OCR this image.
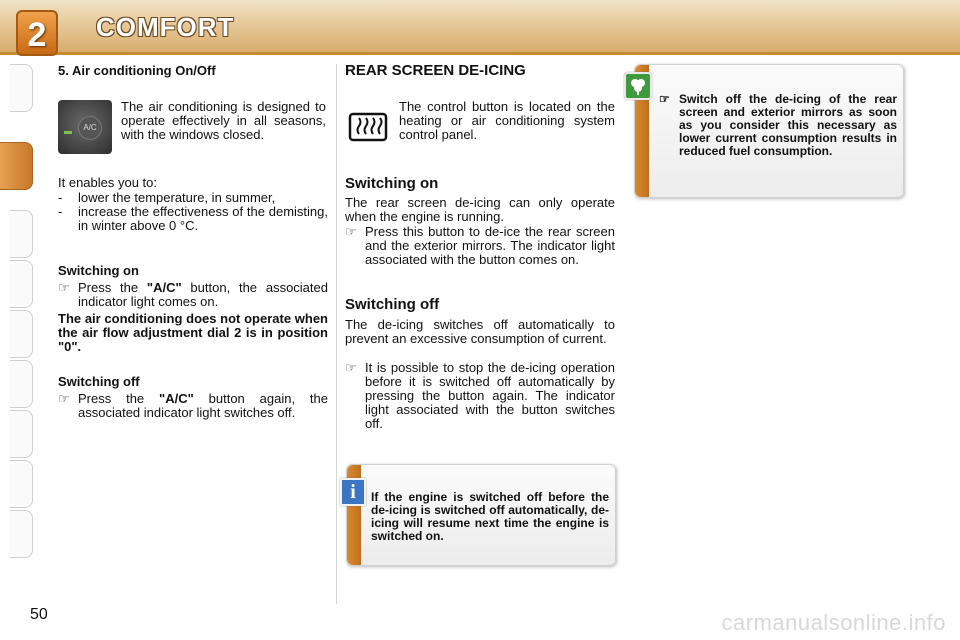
2	COMFORT
5. Air conditioning On/Off
A/C
The air conditioning is designed to operate effectively in all seasons, with the windows closed.
It enables you to:
-	lower the temperature, in summer,
-	increase the effectiveness of the demisting, in winter above 0 °C.
Switching on
☞ Press the "A/C" button, the associated indicator light comes on.
The air conditioning does not operate when the air flow adjustment dial 2 is in position "0".
Switching off
☞ Press the "A/C" button again, the associated indicator light switches off.
REAR SCREEN DE-ICING
The control button is located on the heating or air conditioning system control panel.
Switching on
The rear screen de-icing can only operate when the engine is running.
☞ Press this button to de-ice the rear screen and the exterior mirrors. The indicator light associated with the button comes on.
Switching off
The de-icing switches off automatically to prevent an excessive consumption of current.
☞ It is possible to stop the de-icing operation before it is switched off automatically by pressing the button again. The indicator light associated with the button switches off.
☞ Switch off the de-icing of the rear screen and exterior mirrors as soon as you consider this necessary as lower current consumption results in reduced fuel consumption.
If the engine is switched off before the de-icing is switched off automatically, de-icing will resume next time the engine is switched on.
i
50	carmanualsonline.info
